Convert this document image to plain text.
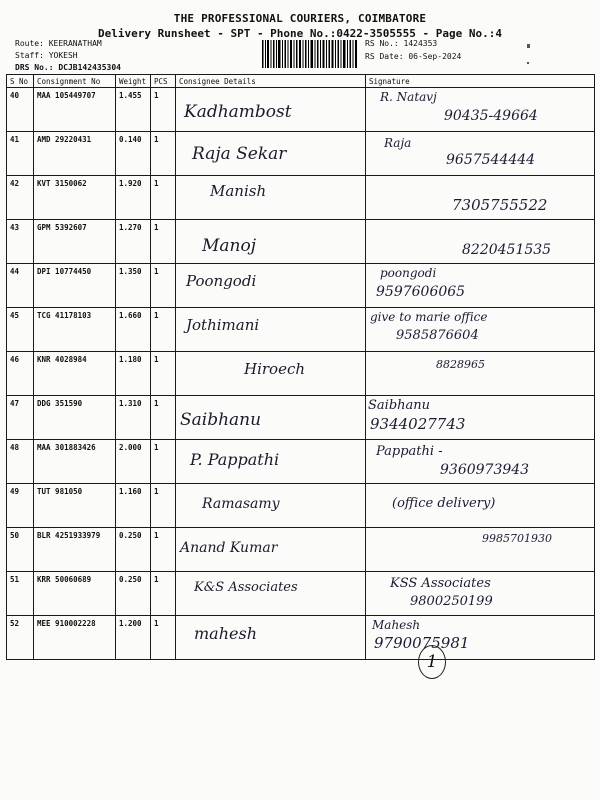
THE PROFESSIONAL COURIERS, COIMBATORE
Delivery Runsheet - SPT - Phone No.:0422-3505555 - Page No.:4
Route: KEERANATHAM
Staff: YOKESH
DRS No.: DCJB142435304
RS No.: 1424353
RS Date: 06-Sep-2024
S No	Consignment No	Weight	PCS	Consignee Details	Signature
40	MAA 105449707	1.455	1	Kadhambost	R. Natavj
90435-49664

41	AMD 29220431	0.140	1	Raja Sekar	Raja
9657544444

42	KVT 3150062	1.920	1	Manish	7305755522

43	GPM 5392607	1.270	1	Manoj	8220451535

44	DPI 10774450	1.350	1	Poongodi	poongodi
9597606065

45	TCG 41178103	1.660	1	Jothimani	give to marie office
9585876604

46	KNR 4028984	1.180	1	Hiroech	8828965

47	DDG 351590	1.310	1	Saibhanu	Saibhanu
9344027743

48	MAA 301883426	2.000	1	P. Pappathi	Pappathi -
9360973943

49	TUT 981050	1.160	1	Ramasamy	(office delivery)

50	BLR 4251933979	0.250	1	Anand Kumar	9985701930

51	KRR 50060689	0.250	1	K&S Associates	KSS Associates
9800250199

52	MEE 910002228	1.200	1	mahesh	Mahesh
9790075981
1
